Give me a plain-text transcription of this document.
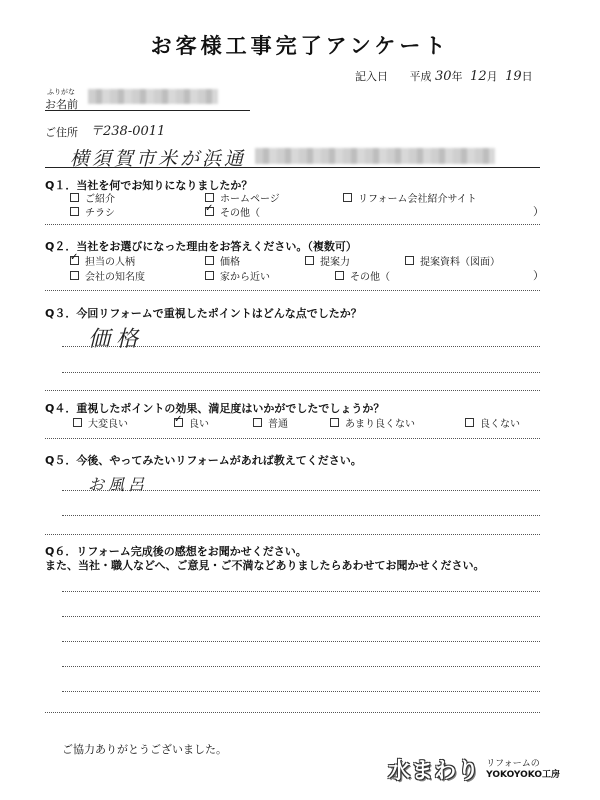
お客様工事完了アンケート
記入日 平成 30年 12月 19日
ふりがな
お名前
ご住所 〒238-0011
横須賀市米が浜通
Q１．当社を何でお知りになりましたか？
ご紹介	ホームページ	リフォーム会社紹介サイト
チラシ ✓	その他（	）
Q２．当社をお選びになった理由をお答えください。（複数可）
✓
担当の人柄	価格	提案力	提案資料（図面）
会社の知名度	家から近い	その他（	）
Q３．今回リフォームで重視したポイントはどんな点でしたか？
価格
Q４．重視したポイントの効果、満足度はいかがでしたでしょうか？
大変良い ✓	良い	普通	あまり良くない	良くない
Q５．今後、やってみたいリフォームがあれば教えてください。
お風呂
Q６．リフォーム完成後の感想をお聞かせください。
また、当社・職人などへ、ご意見・ご不満などありましたらあわせてお聞かせください。
ご協力ありがとうございました。
水まわり リフォームの
YOKOYOKO工房
